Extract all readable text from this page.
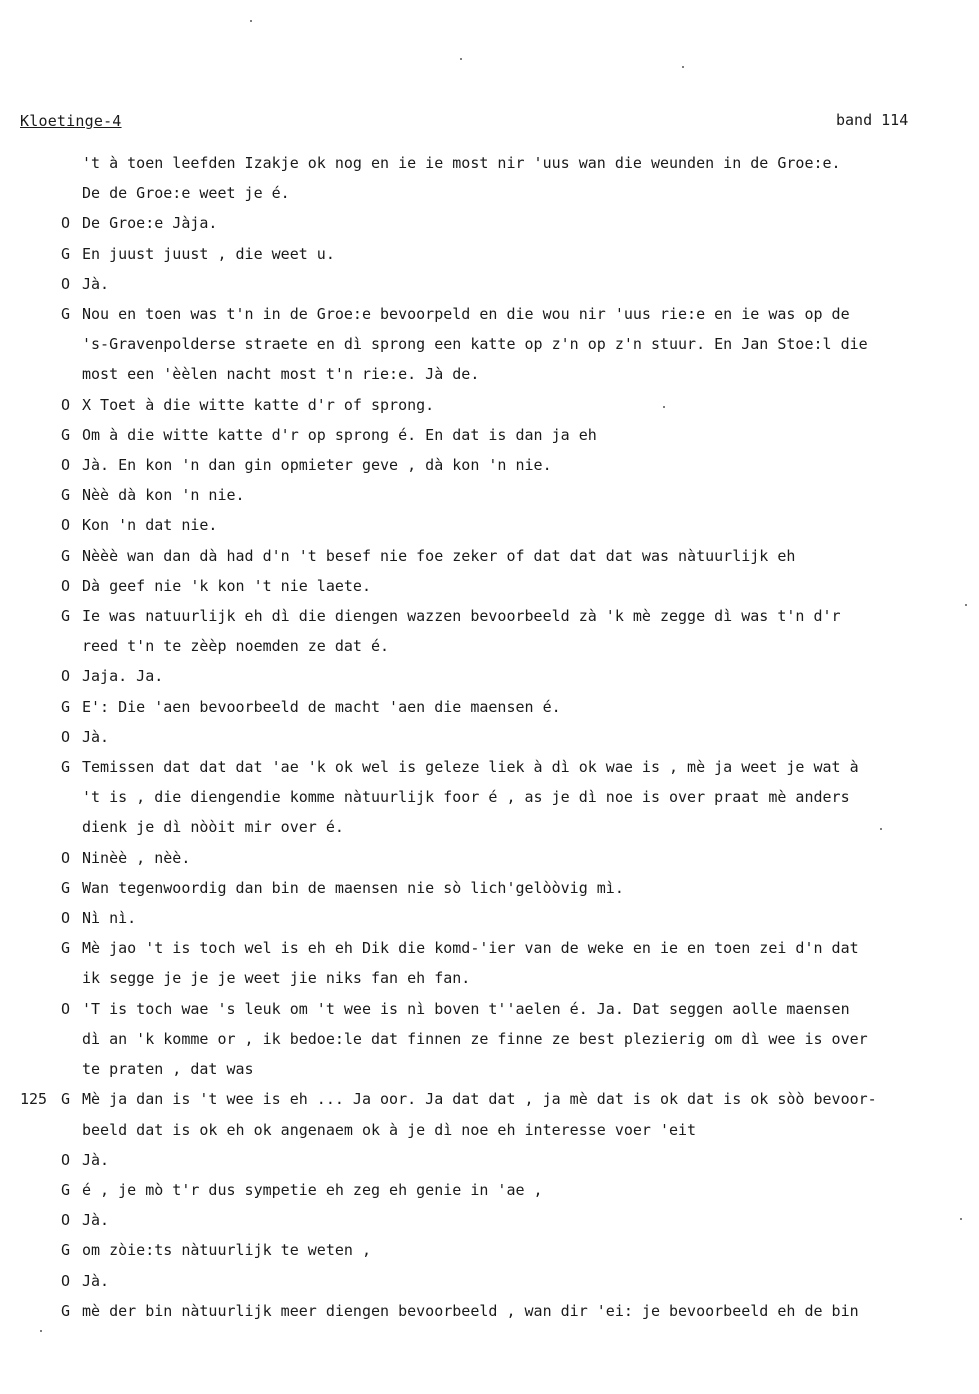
Kloetinge-4	band 114
't à toen leefden Izakje ok nog en ie ie most nir 'uus wan die weunden in de Groe:e.
De de Groe:e weet je é.
O De Groe:e Jàja.
G En juust juust , die weet u.
O Jà.
G Nou en toen was t'n in de Groe:e bevoorpeld en die wou nir 'uus rie:e en ie was op de
's-Gravenpolderse straete en dì sprong een katte op z'n op z'n stuur. En Jan Stoe:l die
most een 'èèlen nacht most t'n rie:e. Jà de.
O X Toet à die witte katte d'r of sprong.
G Om à die witte katte d'r op sprong é. En dat is dan ja eh
O Jà. En kon 'n dan gin opmieter geve , dà kon 'n nie.
G Nèè dà kon 'n nie.
O Kon 'n dat nie.
G Nèèè wan dan dà had d'n 't besef nie foe zeker of dat dat dat was nàtuurlijk eh
O Dà geef nie 'k kon 't nie laete.
G Ie was natuurlijk eh dì die diengen wazzen bevoorbeeld zà 'k mè zegge dì was t'n d'r
reed t'n te zèèp noemden ze dat é.
O Jaja. Ja.
G E': Die 'aen bevoorbeeld de macht 'aen die maensen é.
O Jà.
G Temissen dat dat dat 'ae 'k ok wel is geleze liek à dì ok wae is , mè ja weet je wat à
't is , die diengendie komme nàtuurlijk foor é , as je dì noe is over praat mè anders
dienk je dì nòòit mir over é.
O Ninèè , nèè.
G Wan tegenwoordig dan bin de maensen nie sò lich'gelòòvig mì.
O Nì nì.
G Mè jao 't is toch wel is eh eh Dik die komd-'ier van de weke en ie en toen zei d'n dat
ik segge je je je weet jie niks fan eh fan.
O 'T is toch wae 's leuk om 't wee is nì boven t''aelen é. Ja. Dat seggen aolle maensen
dì an 'k komme or , ik bedoe:le dat finnen ze finne ze best plezierig om dì wee is over
te praten , dat was
125 G Mè ja dan is 't wee is eh ... Ja oor. Ja dat dat , ja mè dat is ok dat is ok sòò bevoor-
beeld dat is ok eh ok angenaem ok à je dì noe eh interesse voer 'eit
O Jà.
G é , je mò t'r dus sympetie eh zeg eh genie in 'ae ,
O Jà.
G om zòie:ts nàtuurlijk te weten ,
O Jà.
G mè der bin nàtuurlijk meer diengen bevoorbeeld , wan dir 'ei: je bevoorbeeld eh de bin
